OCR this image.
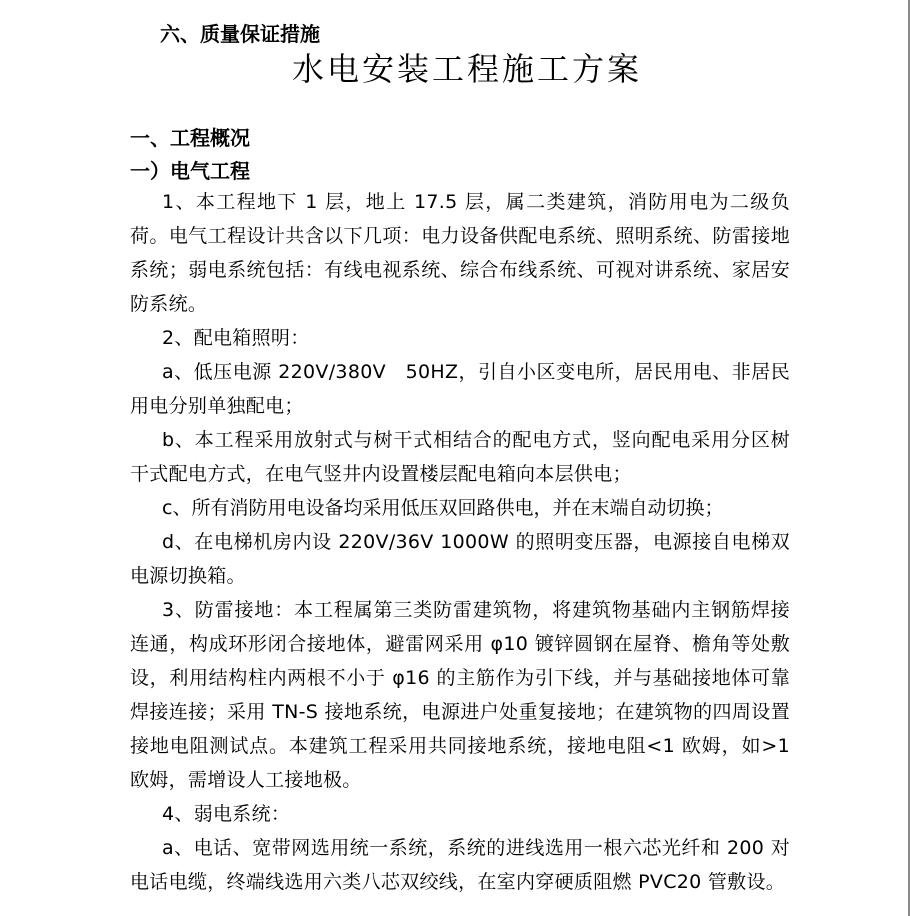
六、质量保证措施
水电安装工程施工方案
一、工程概况
一）电气工程

1、本工程地下 1 层，地上 17.5 层，属二类建筑，消防用电为二级负荷。电气工程设计共含以下几项：电力设备供配电系统、照明系统、防雷接地系统；弱电系统包括：有线电视系统、综合布线系统、可视对讲系统、家居安防系统。

2、配电箱照明：

a、低压电源 220V/380V　50HZ，引自小区变电所，居民用电、非居民用电分别单独配电；

b、本工程采用放射式与树干式相结合的配电方式，竖向配电采用分区树干式配电方式，在电气竖井内设置楼层配电箱向本层供电；

c、所有消防用电设备均采用低压双回路供电，并在末端自动切换；

d、在电梯机房内设 220V/36V 1000W 的照明变压器，电源接自电梯双电源切换箱。

3、防雷接地：本工程属第三类防雷建筑物，将建筑物基础内主钢筋焊接连通，构成环形闭合接地体，避雷网采用 φ10 镀锌圆钢在屋脊、檐角等处敷设，利用结构柱内两根不小于 φ16 的主筋作为引下线，并与基础接地体可靠焊接连接；采用 TN-S 接地系统，电源进户处重复接地；在建筑物的四周设置接地电阻测试点。本建筑工程采用共同接地系统，接地电阻<1 欧姆，如>1 欧姆，需增设人工接地极。

4、弱电系统：

a、电话、宽带网选用统一系统，系统的进线选用一根六芯光纤和 200 对电话电缆，终端线选用六类八芯双绞线，在室内穿硬质阻燃 PVC20 管敷设。
